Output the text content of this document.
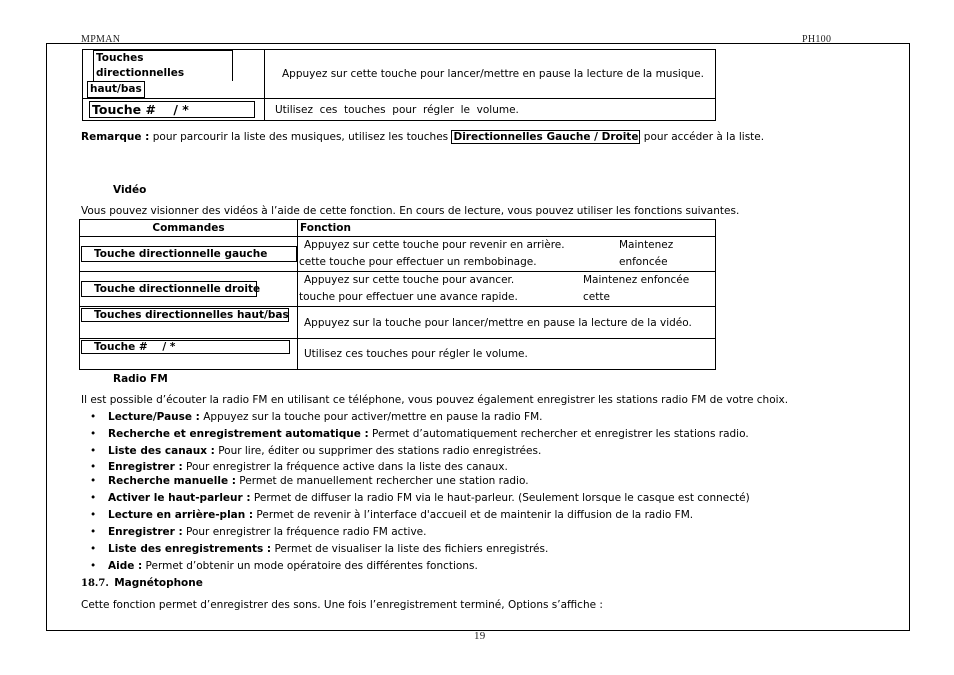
MPMAN	PH100
Touches directionnelles
haut/bas	Appuyez sur cette touche pour lancer/mettre en pause la lecture de la musique.
Touche #    / *	Utilisez  ces  touches  pour  régler  le  volume.
Remarque : pour parcourir la liste des musiques, utilisez les touches Directionnelles Gauche / Droite pour accéder à la liste.
Vidéo
Vous pouvez visionner des vidéos à l’aide de cette fonction. En cours de lecture, vous pouvez utiliser les fonctions suivantes.
Commandes	Fonction
Touche directionnelle gauche	Appuyez sur cette touche pour revenir en arrière. Maintenez enfoncée
cette touche pour effectuer un rembobinage.

Touche directionnelle droite	Appuyez sur cette touche pour avancer. Maintenez enfoncée cette
touche pour effectuer une avance rapide.

Touches directionnelles haut/bas	Appuyez sur la touche pour lancer/mettre en pause la lecture de la vidéo.
Touche #    / *	Utilisez ces touches pour régler le volume.
Radio FM
Il est possible d’écouter la radio FM en utilisant ce téléphone, vous pouvez également enregistrer les stations radio FM de votre choix.
• Lecture/Pause : Appuyez sur la touche pour activer/mettre en pause la radio FM.
• Recherche et enregistrement automatique : Permet d’automatiquement rechercher et enregistrer les stations radio.
• Liste des canaux : Pour lire, éditer ou supprimer des stations radio enregistrées.
• Enregistrer : Pour enregistrer la fréquence active dans la liste des canaux.
• Recherche manuelle : Permet de manuellement rechercher une station radio.
• Activer le haut-parleur : Permet de diffuser la radio FM via le haut-parleur. (Seulement lorsque le casque est connecté)
• Lecture en arrière-plan : Permet de revenir à l’interface d'accueil et de maintenir la diffusion de la radio FM.
• Enregistrer : Pour enregistrer la fréquence radio FM active.
• Liste des enregistrements : Permet de visualiser la liste des fichiers enregistrés.
• Aide : Permet d’obtenir un mode opératoire des différentes fonctions.
18.7. Magnétophone
Cette fonction permet d’enregistrer des sons. Une fois l’enregistrement terminé, Options s’affiche :
19
